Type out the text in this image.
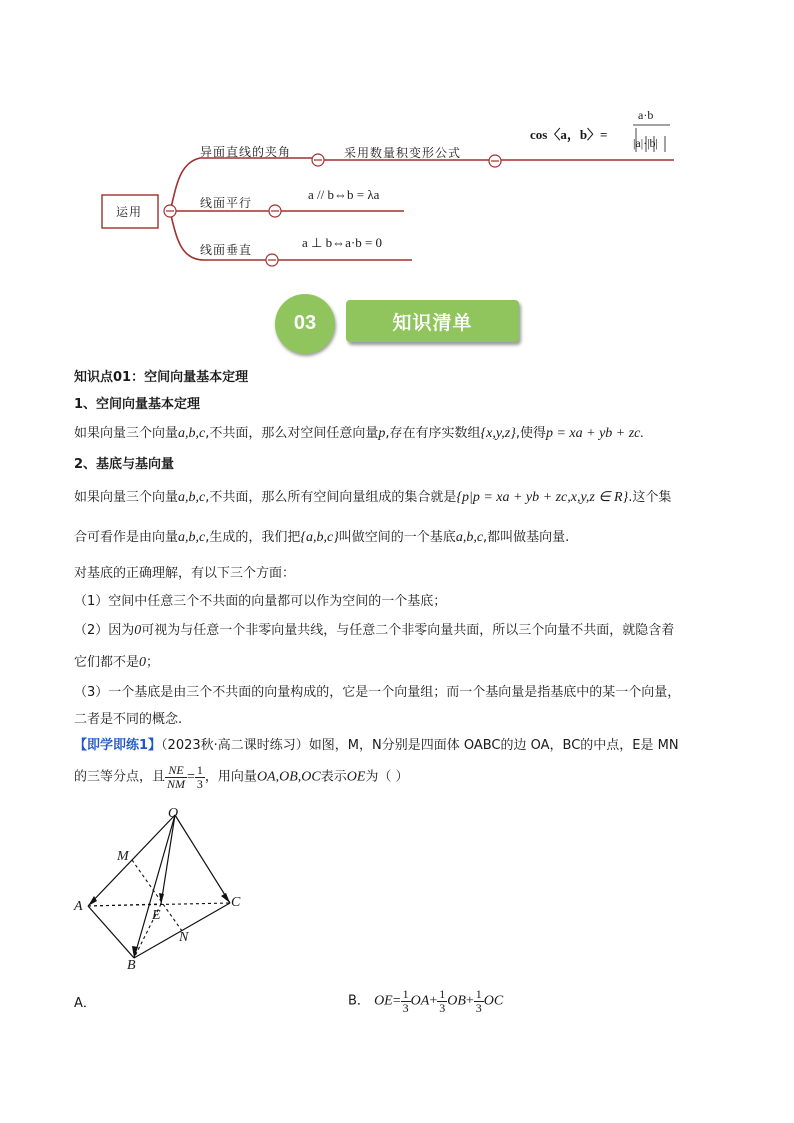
运用
异面直线的夹角	采用数量积变形公式
cos〈a，b〉=
a·b
|a|·|b|
线面平行
a // b⇔b = λa
线面垂直	a ⊥ b⇔a·b = 0
03	知识清单
知识点01：空间向量基本定理
1、空间向量基本定理
如果向量三个向量a,b,c,不共面，那么对空间任意向量p,存在有序实数组{x,y,z},使得p = xa + yb + zc.
2、基底与基向量
如果向量三个向量a,b,c,不共面，那么所有空间向量组成的集合就是{p|p = xa + yb + zc,x,y,z ∈ R}.这个集
合可看作是由向量a,b,c,生成的，我们把{a,b,c}叫做空间的一个基底a,b,c,都叫做基向量.
对基底的正确理解，有以下三个方面：
（1）空间中任意三个不共面的向量都可以作为空间的一个基底；
（2）因为0可视为与任意一个非零向量共线，与任意二个非零向量共面，所以三个向量不共面，就隐含着
它们都不是0；
（3）一个基底是由三个不共面的向量构成的，它是一个向量组；而一个基向量是指基底中的某一个向量，
二者是不同的概念.
【即学即练1】（2023秋·高二课时练习）如图，M，N分别是四面体 OABC的边 OA，BC的中点，E是 MN
的三等分点，且 $\frac{NE}{NM} = \frac{1}{3}$ ，用向量OA,OB,OC表示OE为（ ）
O
M
A
E
C
N
B
A．	B． $OE= \frac{1}{3} OA+ \frac{1}{3} OB+ \frac{1}{3}$ OC
